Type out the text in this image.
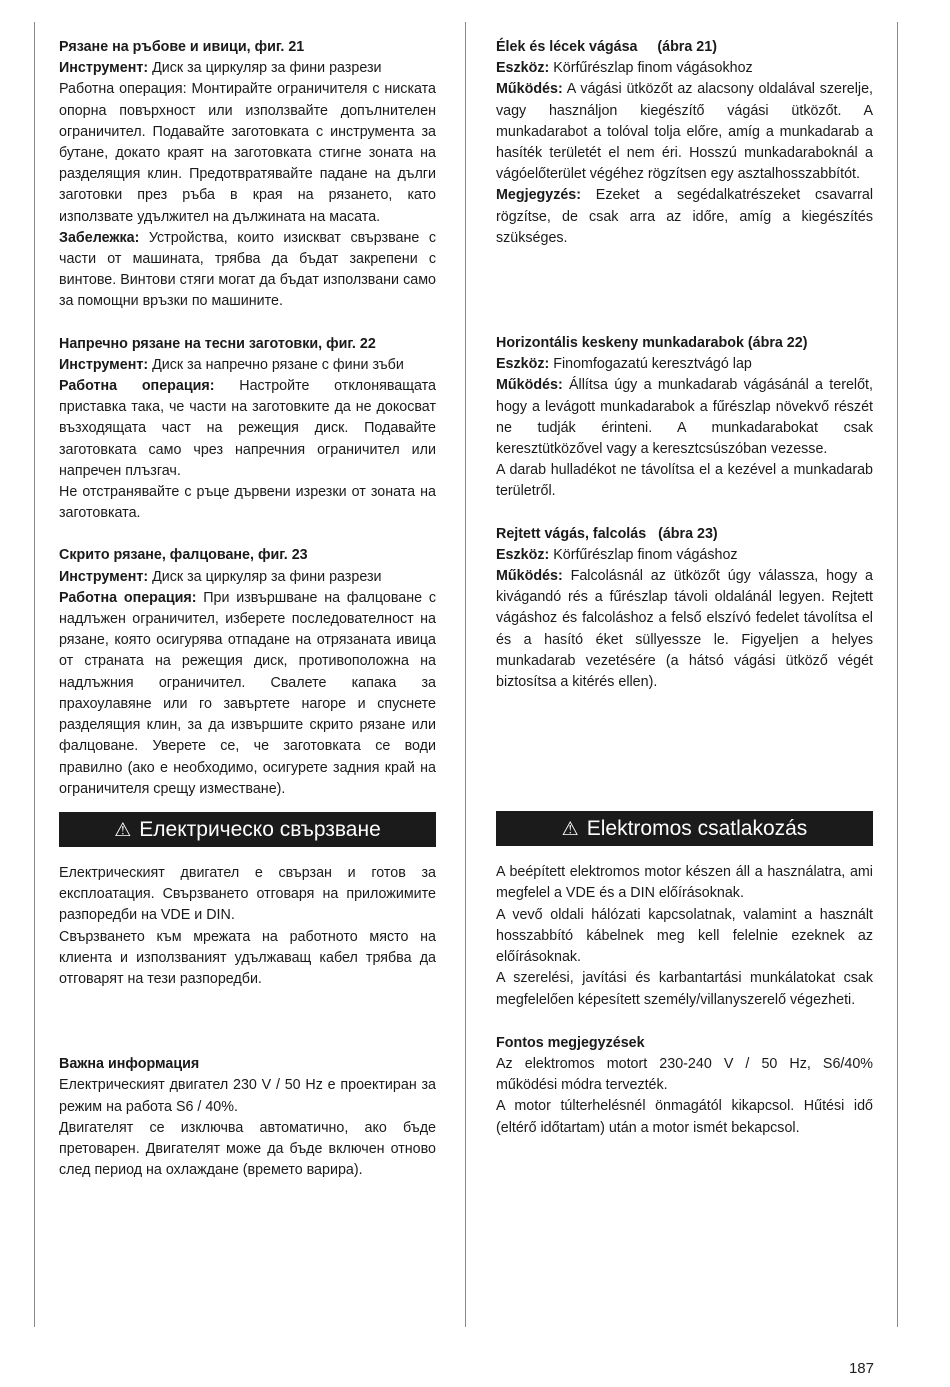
Рязане на ръбове и ивици, фиг. 21

Инструмент: Диск за циркуляр за фини разрези

Работна операция: Монтирайте ограничителя с ниската опорна повърхност или използвайте допълнителен ограничител. Подавайте заготовката с инструмента за бутане, докато краят на заготовката стигне зоната на разделящия клин. Предотвратявайте падане на дълги заготовки през ръба в края на рязането, като използвате удължител на дължината на масата.

Забележка: Устройства, които изискват свързване с части от машината, трябва да бъдат закрепени с винтове. Винтови стяги могат да бъдат използвани само за помощни връзки по машините.

Напречно рязане на тесни заготовки, фиг. 22

Инструмент: Диск за напречно рязане с фини зъби

Работна операция: Настройте отклоняващата приставка така, че части на заготовките да не докосват възходящата част на режещия диск. Подавайте заготовката само чрез напречния ограничител или напречен плъзгач.

Не отстранявайте с ръце дървени изрезки от зоната на заготовката.

Скрито рязане, фалцоване, фиг. 23

Инструмент: Диск за циркуляр за фини разрези

Работна операция: При извършване на фалцоване с надлъжен ограничител, изберете последователност на рязане, която осигурява отпадане на отрязаната ивица от страната на режещия диск, противоположна на надлъжния ограничител. Свалете капака за прахоулавяне или го завъртете нагоре и спуснете разделящия клин, за да извършите скрито рязане или фалцоване. Уверете се, че заготовката се води правилно (ако е необходимо, осигурете задния край на ограничителя срещу изместване).

⚠ Електрическо свързване

Електрическият двигател е свързан и готов за експлоатация. Свързването отговаря на приложимите разпоредби на VDE и DIN.

Свързването към мрежата на работното място на клиента и използваният удължаващ кабел трябва да отговарят на тези разпоредби.

Важна информация

Електрическият двигател 230 V / 50 Hz е проектиран за режим на работа S6 / 40%.

Двигателят се изключва автоматично, ако бъде претоварен. Двигателят може да бъде включен отново след период на охлаждане (времето варира).

Élek és lécek vágása     (ábra 21)

Eszköz: Körfűrészlap finom vágásokhoz

Működés: A vágási ütközőt az alacsony oldalával szerelje, vagy használjon kiegészítő vágási ütközőt. A munkadarabot a tolóval tolja előre, amíg a munkadarab a hasíték területét el nem éri. Hosszú munkadaraboknál a vágóelőterület végéhez rögzítsen egy asztalhosszabbítót.

Megjegyzés: Ezeket a segédalkatrészeket csavarral rögzítse, de csak arra az időre, amíg a kiegészítés szükséges.

Horizontális keskeny munkadarabok (ábra 22)

Eszköz: Finomfogazatú keresztvágó lap

Működés: Állítsa úgy a munkadarab vágásánál a terelőt, hogy a levágott munkadarabok a fűrészlap növekvő részét ne tudják érinteni. A munkadarabokat csak keresztütközővel vagy a keresztcsúszóban vezesse.

A darab hulladékot ne távolítsa el a kezével a munkadarab területről.

Rejtett vágás, falcolás   (ábra 23)

Eszköz: Körfűrészlap finom vágáshoz

Működés: Falcolásnál az ütközőt úgy válassza, hogy a kivágandó rés a fűrészlap távoli oldalánál legyen. Rejtett vágáshoz és falcoláshoz a felső elszívó fedelet távolítsa el és a hasító éket süllyessze le. Figyeljen a helyes munkadarab vezetésére (a hátsó vágási ütköző végét biztosítsa a kitérés ellen).

⚠ Elektromos csatlakozás

A beépített elektromos motor készen áll a használatra, ami megfelel a VDE és a DIN előírásoknak.

A vevő oldali hálózati kapcsolatnak, valamint a használt hosszabbító kábelnek meg kell felelnie ezeknek az előírásoknak.

A szerelési, javítási és karbantartási munkálatokat csak megfelelően képesített személy/villanyszerelő végezheti.

Fontos megjegyzések

Az elektromos motort 230-240 V / 50 Hz, S6/40% működési módra tervezték.

A motor túlterhelésnél önmagától kikapcsol. Hűtési idő (eltérő időtartam) után a motor ismét bekapcsol.

187
